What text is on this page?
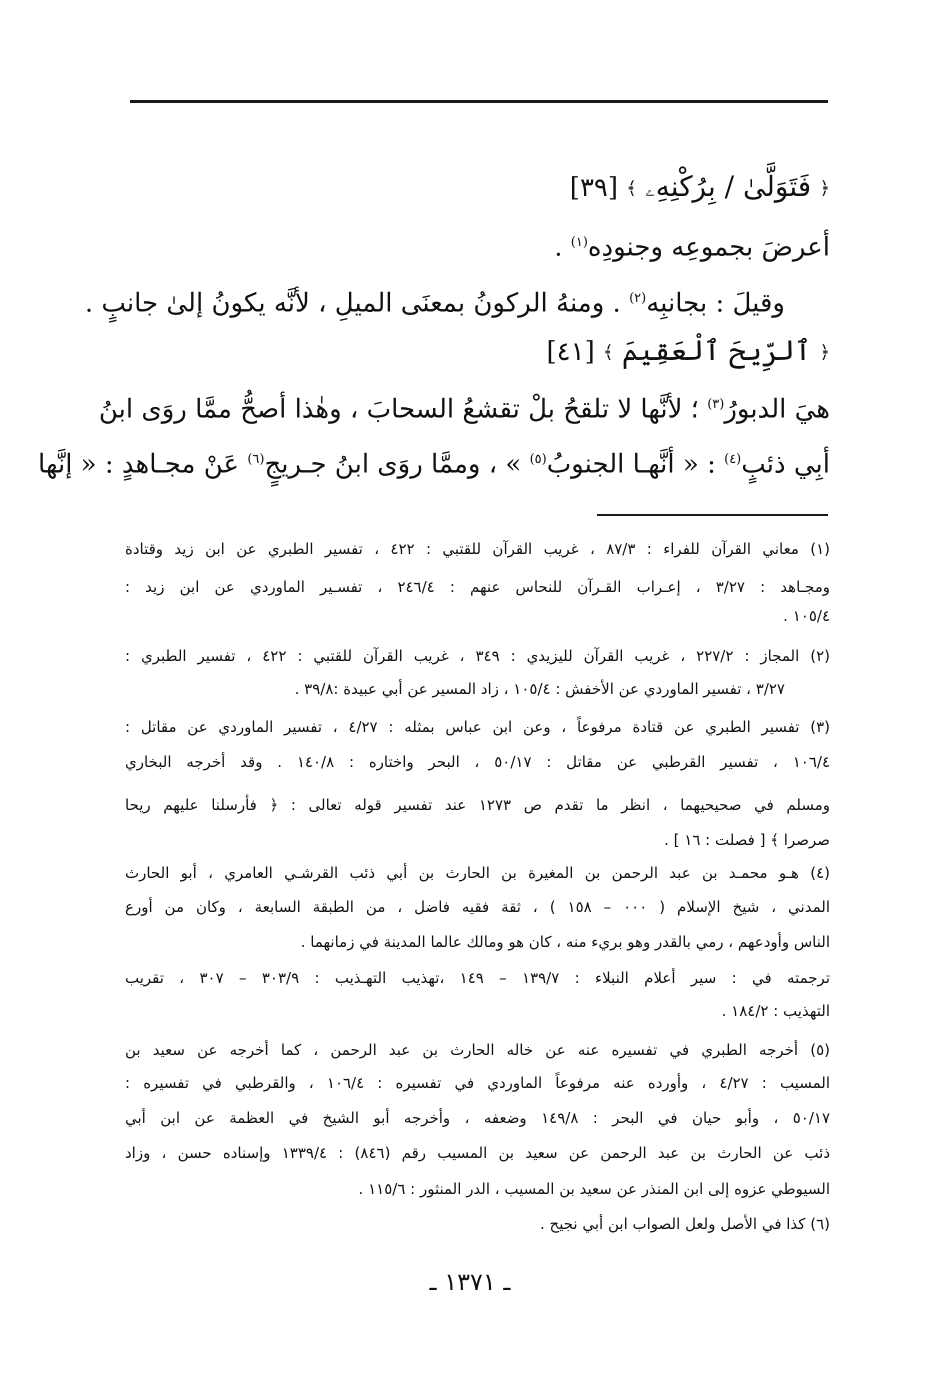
﴿ فَتَوَلَّىٰ / بِرُكْنِهِۦ ﴾ [٣٩]
أعرضَ بجموعِه وجنودِه$^{(١)}$ .
وقيلَ : بجانبِه$^{(٢)}$ . ومنهُ الركونُ بمعنَى الميلِ ، لأنَّه يكونُ إلىٰ جانبٍ .
﴿ ٱلرِّيحَ ٱلْعَقِيمَ ﴾ [٤١]
هيَ الدبورُ$^{(٣)}$ ؛ لأنَّها لا تلقحُ بلْ تقشعُ السحابَ ، وهٰذا أصحُّ ممَّا روَى ابنُ
أبِي ذئبٍ$^{(٤)}$ : « أنَّهـا الجنوبُ$^{(٥)}$ » ، وممَّا روَى ابنُ جـريجٍ$^{(٦)}$ عَنْ مجـاهدٍ : « إنَّها
(١) معاني القرآن للفراء : ٨٧/٣ ، غريب القرآن للقتبي : ٤٢٢ ، تفسير الطبري عن ابن زيد وقتادة
ومجـاهد : ٣/٢٧ ، إعـراب القـرآن للنحاس عنهم : ٢٤٦/٤ ، تفسـير الماوردي عن ابن زيد :
١٠٥/٤ .
(٢) المجاز : ٢٢٧/٢ ، غريب القرآن لليزيدي : ٣٤٩ ، غريب القرآن للقتبي : ٤٢٢ ، تفسير الطبري :
٣/٢٧ ، تفسير الماوردي عن الأخفش : ١٠٥/٤ ، زاد المسير عن أبي عبيدة :٣٩/٨ .
(٣) تفسير الطبري عن قتادة مرفوعاً ، وعن ابن عباس بمثله : ٤/٢٧ ، تفسير الماوردي عن مقاتل :
١٠٦/٤ ، تفسير القرطبي عن مقاتل : ٥٠/١٧ ، البحر واختاره : ١٤٠/٨ . وقد أخرجه البخاري
ومسلم في صحيحيهما ، انظر ما تقدم ص ١٢٧٣ عند تفسير قوله تعالى : ﴿ فأرسلنا عليهم ريحا
صرصرا ﴾ [ فصلت : ١٦ ] .
(٤) هـو محمـد بن عبد الرحمن بن المغيرة بن الحارث بن أبي ذئب القرشـي العامري ، أبو الحارث
المدني ، شيخ الإسلام ( ٠٠٠ – ١٥٨ ) ، ثقة فقيه فاضل ، من الطبقة السابعة ، وكان من أورع
الناس وأودعهم ، رمي بالقدر وهو بريء منه ، كان هو ومالك عالما المدينة في زمانهما .
ترجمته في : سير أعلام النبلاء : ١٣٩/٧ – ١٤٩ ،تهذيب التهـذيب : ٣٠٣/٩ – ٣٠٧ ، تقريب
التهذيب : ١٨٤/٢ .
(٥) أخرجه الطبري في تفسيره عنه عن خاله الحارث بن عبد الرحمن ، كما أخرجه عن سعيد بن
المسيب : ٤/٢٧ ، وأورده عنه مرفوعاً الماوردي في تفسيره : ١٠٦/٤ ، والقرطبي في تفسيره :
٥٠/١٧ ، وأبو حيان في البحر : ١٤٩/٨ وضعفه ، وأخرجه أبو الشيخ في العظمة عن ابن أبي
ذئب عن الحارث بن عبد الرحمن عن سعيد بن المسيب رقم (٨٤٦) : ١٣٣٩/٤ وإسناده حسن ، وزاد
السيوطي عزوه إلى ابن المنذر عن سعيد بن المسيب ، الدر المنثور : ١١٥/٦ .
(٦) كذا في الأصل ولعل الصواب ابن أبي نجيح .
ـ ١٣٧١ ـ
